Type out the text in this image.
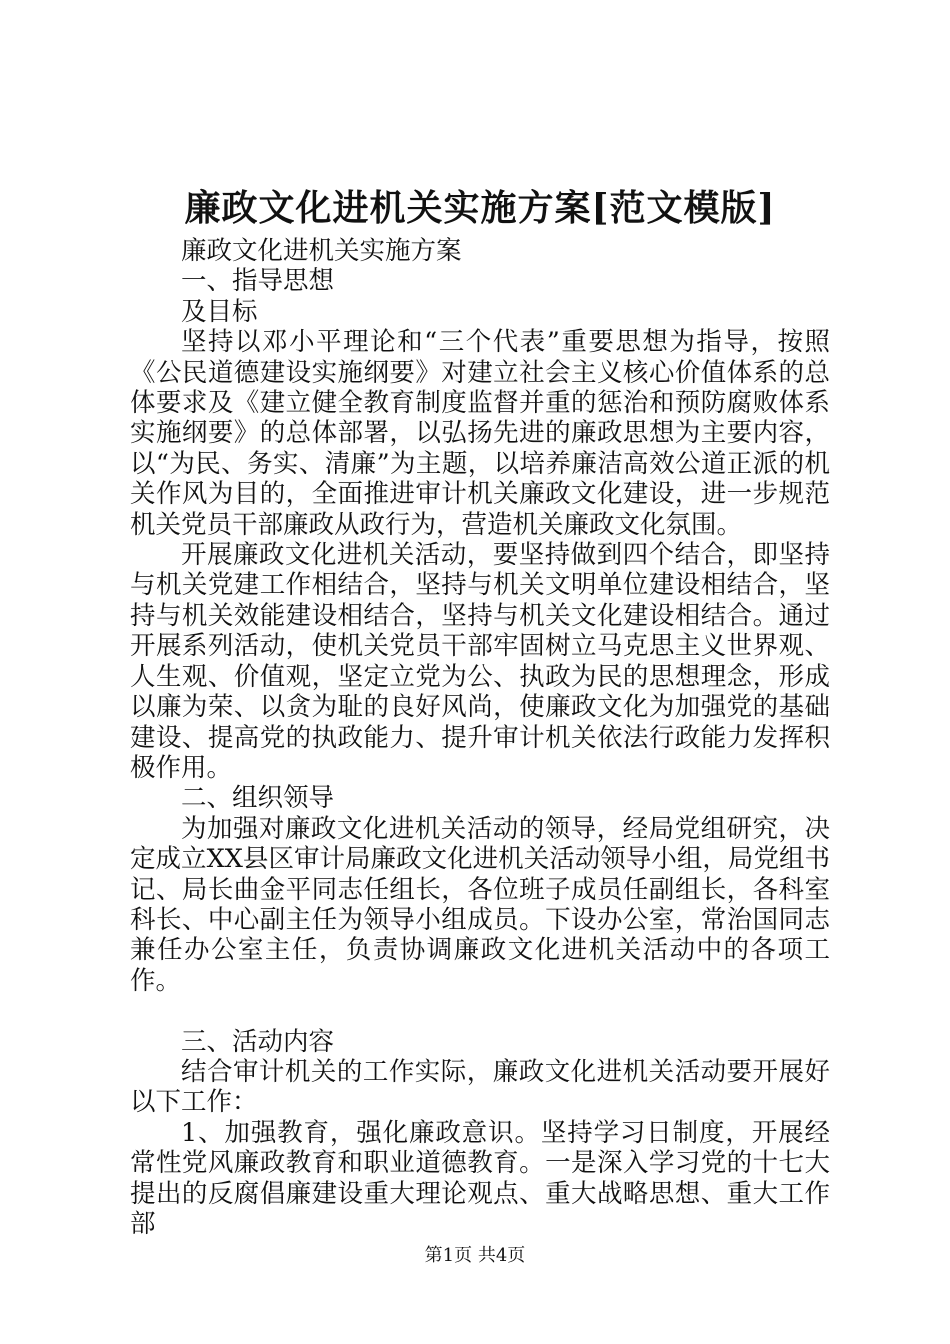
廉政文化进机关实施方案[范文模版]

廉政文化进机关实施方案

一、指导思想

及目标

坚持以邓小平理论和“三个代表”重要思想为指导，按照《公民道德建设实施纲要》对建立社会主义核心价值体系的总体要求及《建立健全教育制度监督并重的惩治和预防腐败体系实施纲要》的总体部署，以弘扬先进的廉政思想为主要内容，以“为民、务实、清廉”为主题，以培养廉洁高效公道正派的机关作风为目的，全面推进审计机关廉政文化建设，进一步规范机关党员干部廉政从政行为，营造机关廉政文化氛围。

开展廉政文化进机关活动，要坚持做到四个结合，即坚持与机关党建工作相结合，坚持与机关文明单位建设相结合，坚持与机关效能建设相结合，坚持与机关文化建设相结合。通过开展系列活动，使机关党员干部牢固树立马克思主义世界观、人生观、价值观，坚定立党为公、执政为民的思想理念，形成以廉为荣、以贪为耻的良好风尚，使廉政文化为加强党的基础建设、提高党的执政能力、提升审计机关依法行政能力发挥积极作用。

二、组织领导

为加强对廉政文化进机关活动的领导，经局党组研究，决定成立XX县区审计局廉政文化进机关活动领导小组，局党组书记、局长曲金平同志任组长，各位班子成员任副组长，各科室科长、中心副主任为领导小组成员。下设办公室，常治国同志兼任办公室主任，负责协调廉政文化进机关活动中的各项工作。

三、活动内容

结合审计机关的工作实际，廉政文化进机关活动要开展好以下工作：

1、加强教育，强化廉政意识。坚持学习日制度，开展经常性党风廉政教育和职业道德教育。一是深入学习党的十七大提出的反腐倡廉建设重大理论观点、重大战略思想、重大工作部

第1页 共4页
